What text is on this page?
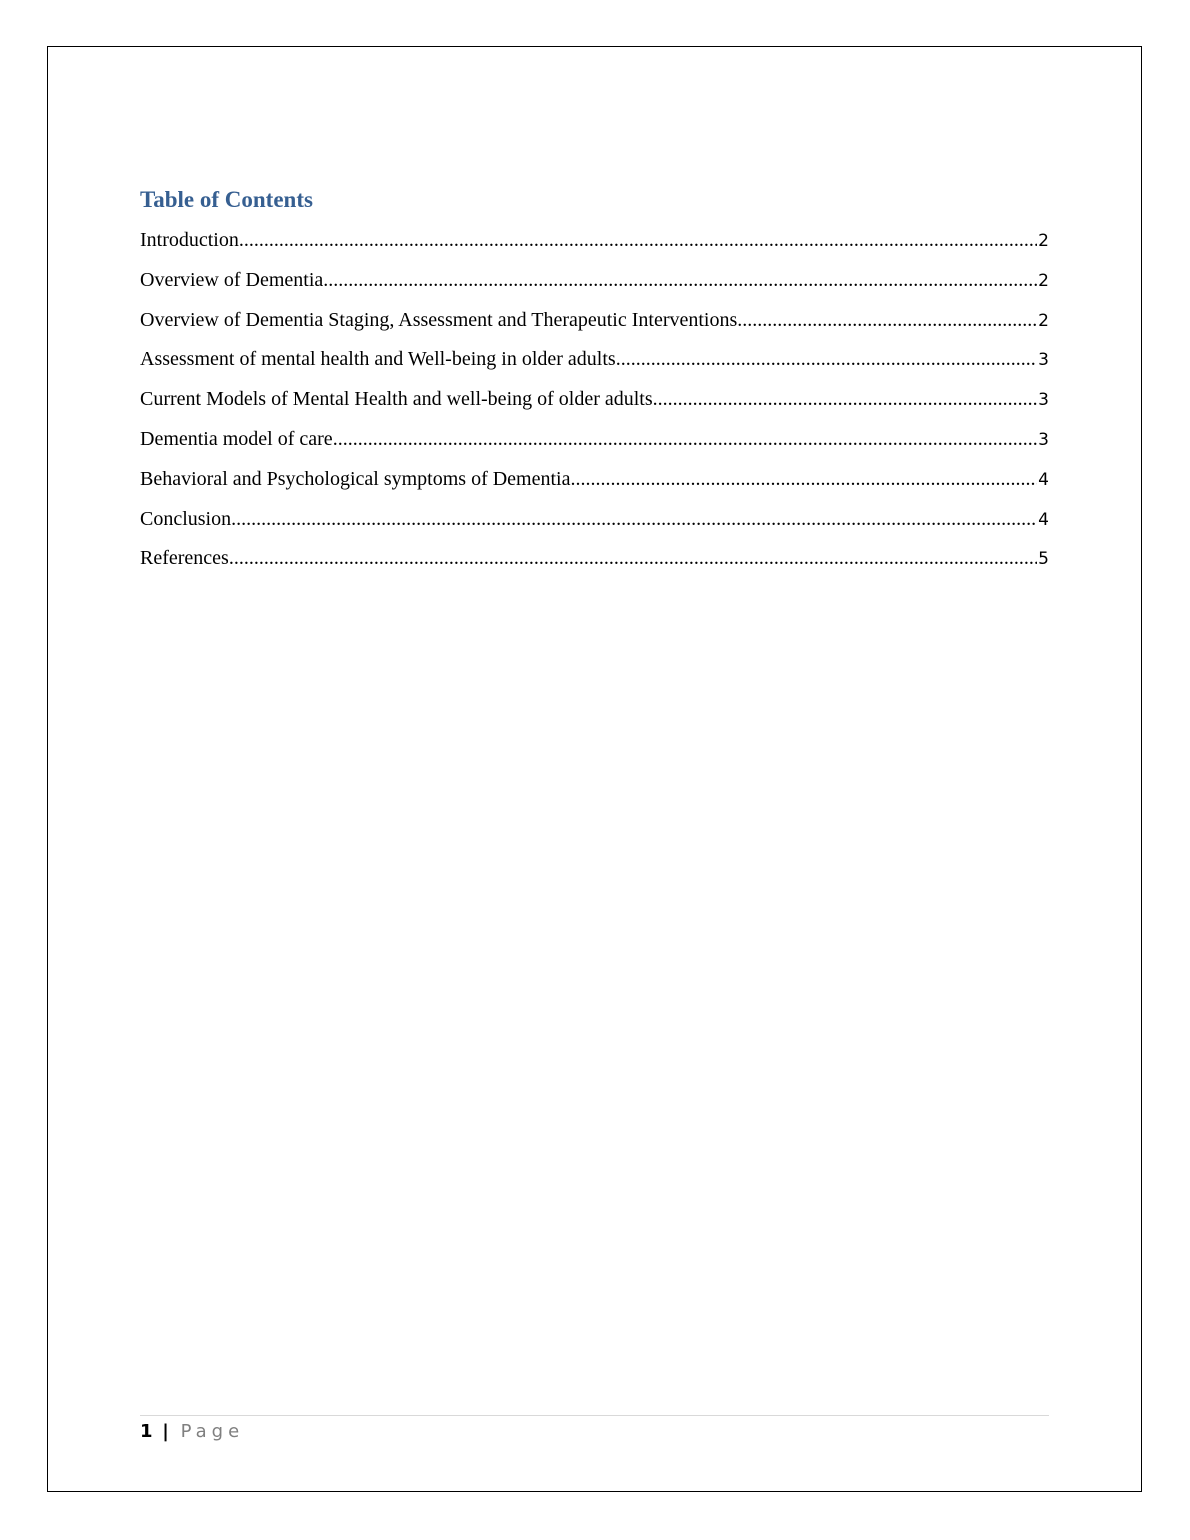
Table of Contents
Introduction .....	2
Overview of Dementia .....	2
Overview of Dementia Staging, Assessment and Therapeutic Interventions .....	2
Assessment of mental health and Well-being in older adults .....	3
Current Models of Mental Health and well-being of older adults .....	3
Dementia model of care .....	3
Behavioral and Psychological symptoms of Dementia .....	4
Conclusion .....	4
References .....	5
1 | Page
